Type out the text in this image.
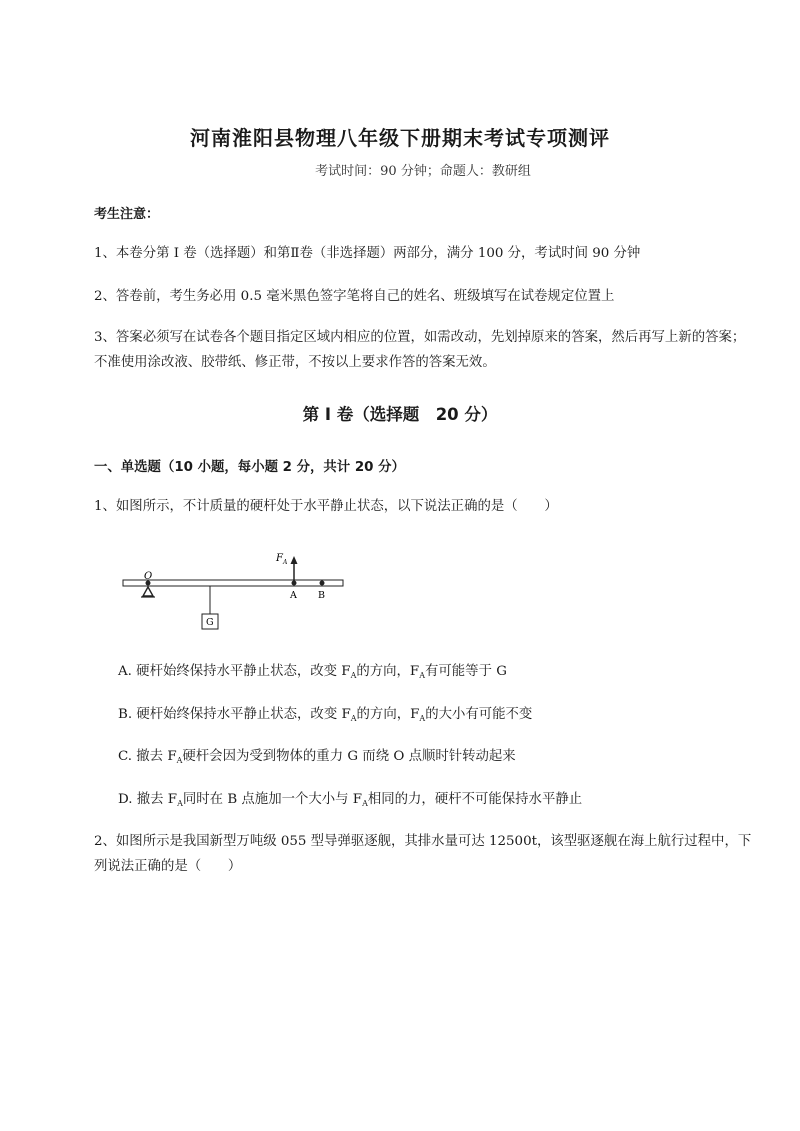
河南淮阳县物理八年级下册期末考试专项测评
考试时间：90 分钟；命题人：教研组
考生注意：
1、本卷分第 I 卷（选择题）和第Ⅱ卷（非选择题）两部分，满分 100 分，考试时间 90 分钟
2、答卷前，考生务必用 0.5 毫米黑色签字笔将自己的姓名、班级填写在试卷规定位置上
3、答案必须写在试卷各个题目指定区域内相应的位置，如需改动，先划掉原来的答案，然后再写上新的答案；不准使用涂改液、胶带纸、修正带，不按以上要求作答的答案无效。
第 I 卷（选择题　20 分）
一、单选题（10 小题，每小题 2 分，共计 20 分）
1、如图所示，不计质量的硬杆处于水平静止状态，以下说法正确的是（　　）
O
$F_A$
A B
G
A. 硬杆始终保持水平静止状态，改变 $F_A$的方向，$F_A$有可能等于 G
B. 硬杆始终保持水平静止状态，改变 $F_A$的方向，$F_A$的大小有可能不变
C. 撤去 $F_A$硬杆会因为受到物体的重力 G 而绕 O 点顺时针转动起来
D. 撤去 $F_A$同时在 B 点施加一个大小与 $F_A$相同的力，硬杆不可能保持水平静止
2、如图所示是我国新型万吨级 055 型导弹驱逐舰，其排水量可达 12500t，该型驱逐舰在海上航行过程中，下列说法正确的是（　　）
